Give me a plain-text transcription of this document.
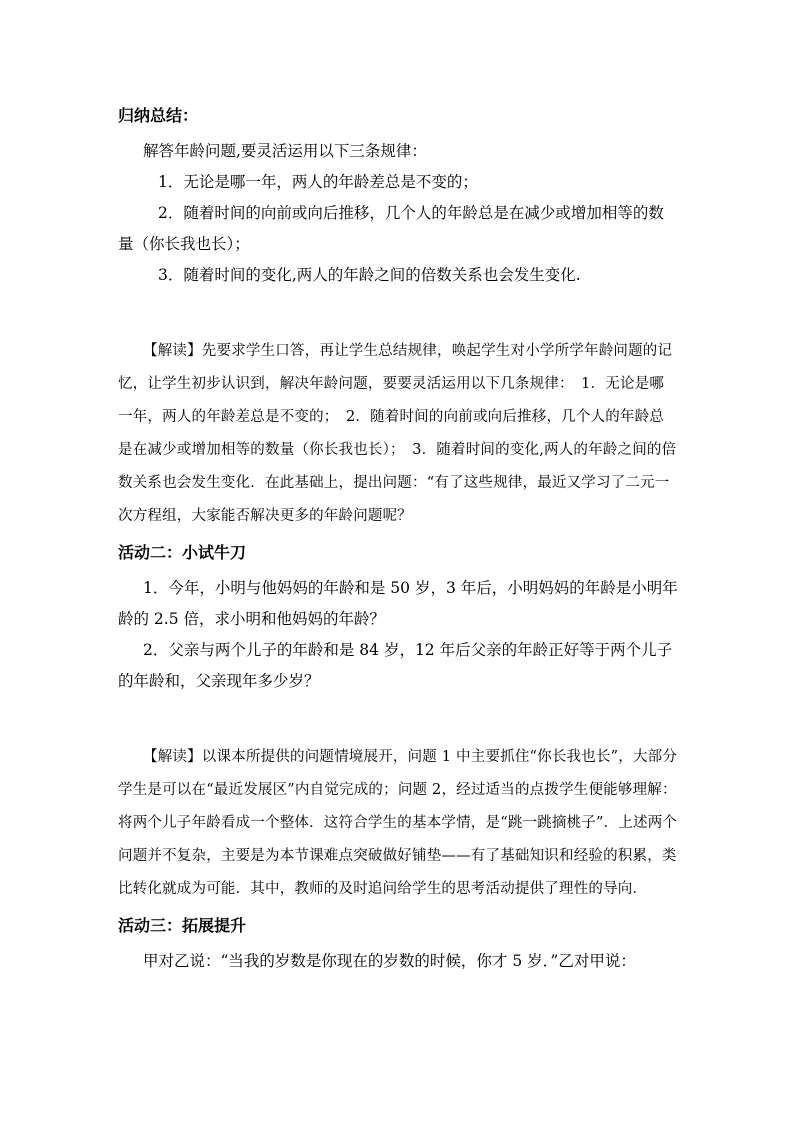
归纳总结：

解答年龄问题,要灵活运用以下三条规律：

1．无论是哪一年，两人的年龄差总是不变的；

2．随着时间的向前或向后推移，几个人的年龄总是在减少或增加相等的数量（你长我也长）；

3．随着时间的变化,两人的年龄之间的倍数关系也会发生变化.

【解读】先要求学生口答，再让学生总结规律，唤起学生对小学所学年龄问题的记忆，让学生初步认识到，解决年龄问题，要要灵活运用以下几条规律：　1．无论是哪一年，两人的年龄差总是不变的；　2．随着时间的向前或向后推移，几个人的年龄总是在减少或增加相等的数量（你长我也长）；　3．随着时间的变化,两人的年龄之间的倍数关系也会发生变化．在此基础上，提出问题：“有了这些规律，最近又学习了二元一次方程组，大家能否解决更多的年龄问题呢？

活动二：小试牛刀

1．今年，小明与他妈妈的年龄和是 50 岁，3 年后，小明妈妈的年龄是小明年龄的 2.5 倍，求小明和他妈妈的年龄？

2．父亲与两个儿子的年龄和是 84 岁，12 年后父亲的年龄正好等于两个儿子的年龄和，父亲现年多少岁？

【解读】以课本所提供的问题情境展开，问题 1 中主要抓住“你长我也长”，大部分学生是可以在“最近发展区”内自觉完成的；问题 2，经过适当的点拨学生便能够理解：将两个儿子年龄看成一个整体．这符合学生的基本学情，是“跳一跳摘桃子”．上述两个问题并不复杂，主要是为本节课难点突破做好铺垫——有了基础知识和经验的积累，类比转化就成为可能．其中，教师的及时追问给学生的思考活动提供了理性的导向．

活动三：拓展提升

甲对乙说：“当我的岁数是你现在的岁数的时候，你才 5 岁．”乙对甲说：
